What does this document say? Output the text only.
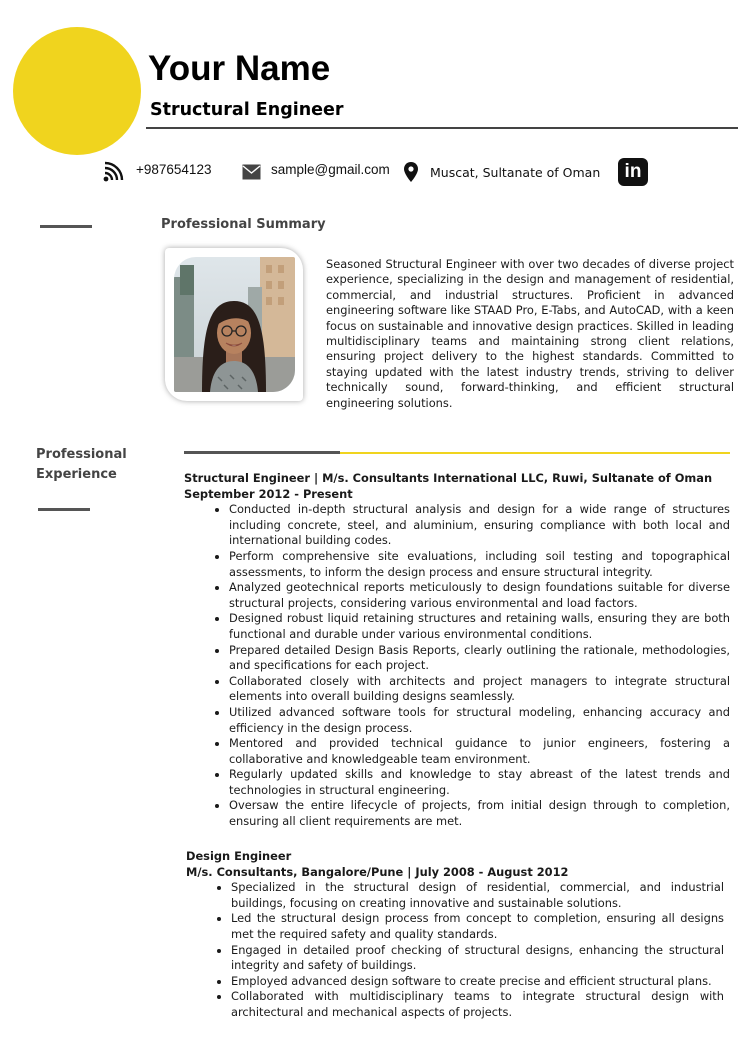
Your Name
Structural Engineer
+987654123	sample@gmail.com	Muscat, Sultanate of Oman	in
Professional Summary
Seasoned Structural Engineer with over two decades of diverse project experience, specializing in the design and management of residential, commercial, and industrial structures. Proficient in advanced engineering software like STAAD Pro, E-Tabs, and AutoCAD, with a keen focus on sustainable and innovative design practices. Skilled in leading multidisciplinary teams and maintaining strong client relations, ensuring project delivery to the highest standards. Committed to staying updated with the latest industry trends, striving to deliver technically sound, forward-thinking, and efficient structural engineering solutions.
Professional Experience	Structural Engineer | M/s. Consultants International LLC, Ruwi, Sultanate of Oman
September 2012 - Present
• Conducted in-depth structural analysis and design for a wide range of structures including concrete, steel, and aluminium, ensuring compliance with both local and international building codes.
• Perform comprehensive site evaluations, including soil testing and topographical assessments, to inform the design process and ensure structural integrity.
• Analyzed geotechnical reports meticulously to design foundations suitable for diverse structural projects, considering various environmental and load factors.
• Designed robust liquid retaining structures and retaining walls, ensuring they are both functional and durable under various environmental conditions.
• Prepared detailed Design Basis Reports, clearly outlining the rationale, methodologies, and specifications for each project.
• Collaborated closely with architects and project managers to integrate structural elements into overall building designs seamlessly.
• Utilized advanced software tools for structural modeling, enhancing accuracy and efficiency in the design process.
• Mentored and provided technical guidance to junior engineers, fostering a collaborative and knowledgeable team environment.
• Regularly updated skills and knowledge to stay abreast of the latest trends and technologies in structural engineering.
• Oversaw the entire lifecycle of projects, from initial design through to completion, ensuring all client requirements are met.
Design Engineer
M/s. Consultants, Bangalore/Pune | July 2008 - August 2012
• Specialized in the structural design of residential, commercial, and industrial buildings, focusing on creating innovative and sustainable solutions.
• Led the structural design process from concept to completion, ensuring all designs met the required safety and quality standards.
• Engaged in detailed proof checking of structural designs, enhancing the structural integrity and safety of buildings.
• Employed advanced design software to create precise and efficient structural plans.
• Collaborated with multidisciplinary teams to integrate structural design with architectural and mechanical aspects of projects.
